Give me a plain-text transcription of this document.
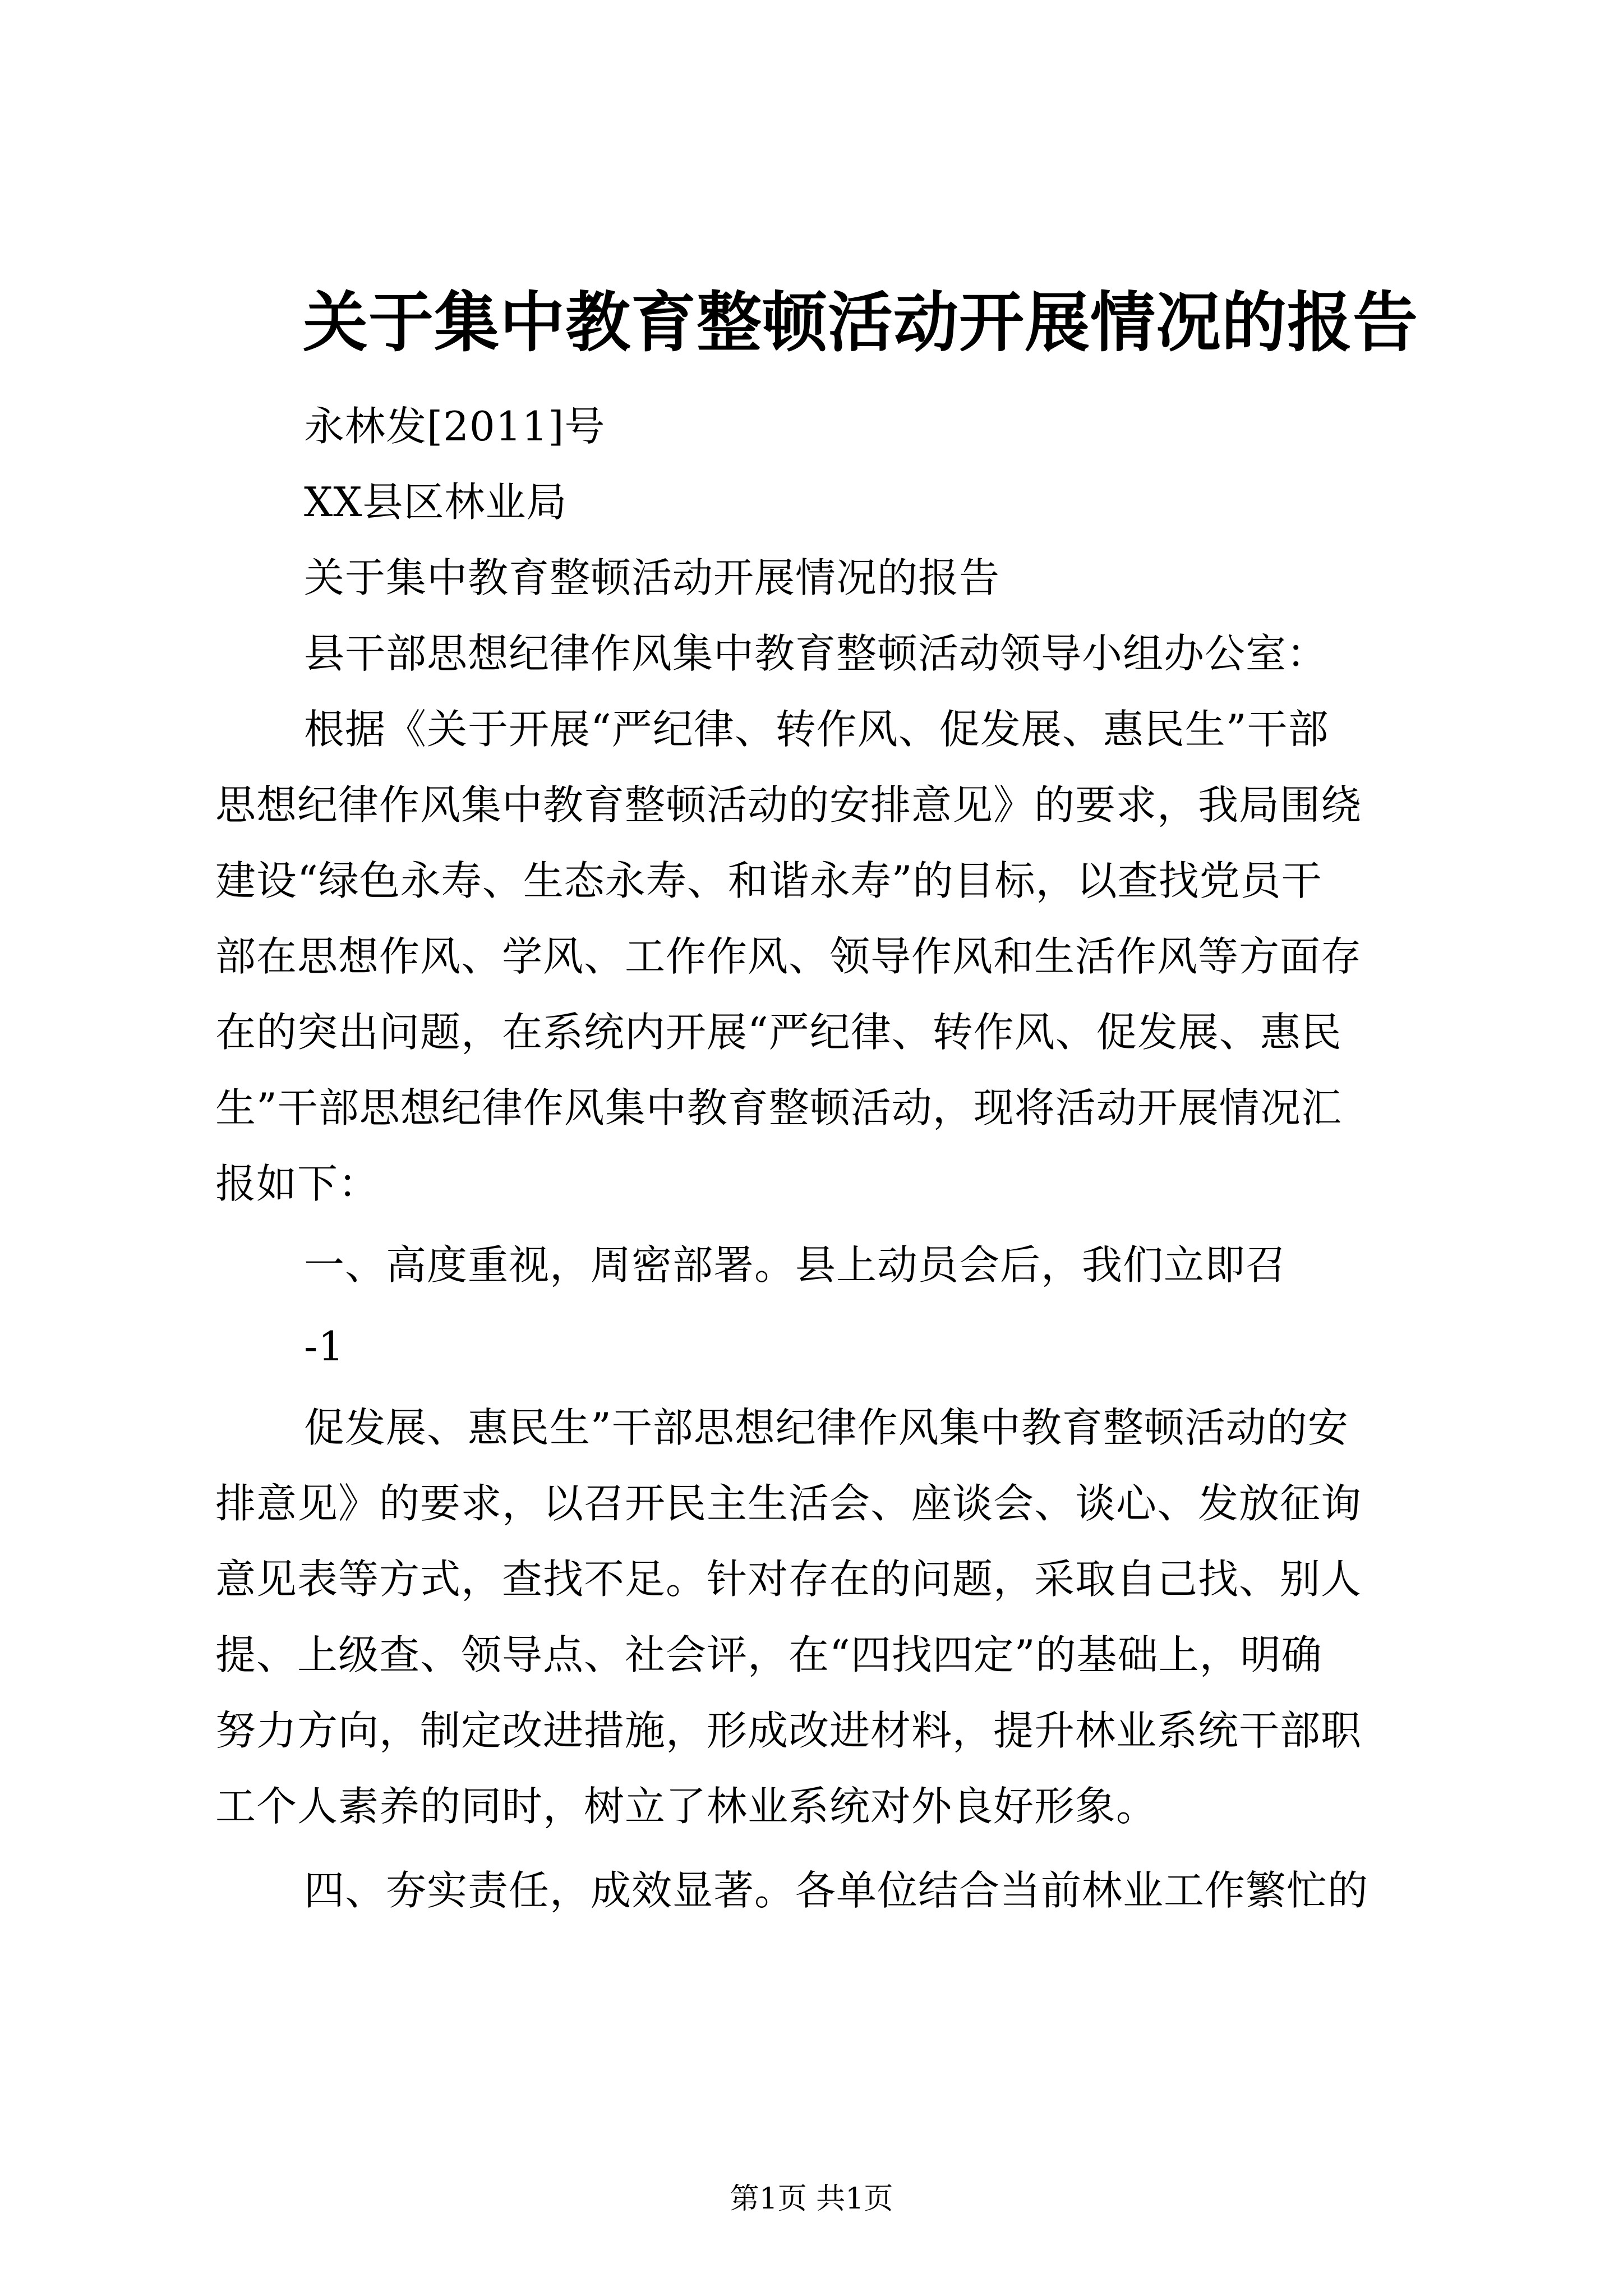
关于集中教育整顿活动开展情况的报告
永林发[2011]号
XX县区林业局
关于集中教育整顿活动开展情况的报告
县干部思想纪律作风集中教育整顿活动领导小组办公室：
根据《关于开展“严纪律、转作风、促发展、惠民生”干部
思想纪律作风集中教育整顿活动的安排意见》的要求，我局围绕
建设“绿色永寿、生态永寿、和谐永寿”的目标，以查找党员干
部在思想作风、学风、工作作风、领导作风和生活作风等方面存
在的突出问题，在系统内开展“严纪律、转作风、促发展、惠民
生”干部思想纪律作风集中教育整顿活动，现将活动开展情况汇
报如下：
一、高度重视，周密部署。县上动员会后，我们立即召
-1
促发展、惠民生”干部思想纪律作风集中教育整顿活动的安
排意见》的要求，以召开民主生活会、座谈会、谈心、发放征询
意见表等方式，查找不足。针对存在的问题，采取自己找、别人
提、上级查、领导点、社会评，在“四找四定”的基础上，明确
努力方向，制定改进措施，形成改进材料，提升林业系统干部职
工个人素养的同时，树立了林业系统对外良好形象。
四、夯实责任，成效显著。各单位结合当前林业工作繁忙的
第1页 共1页
